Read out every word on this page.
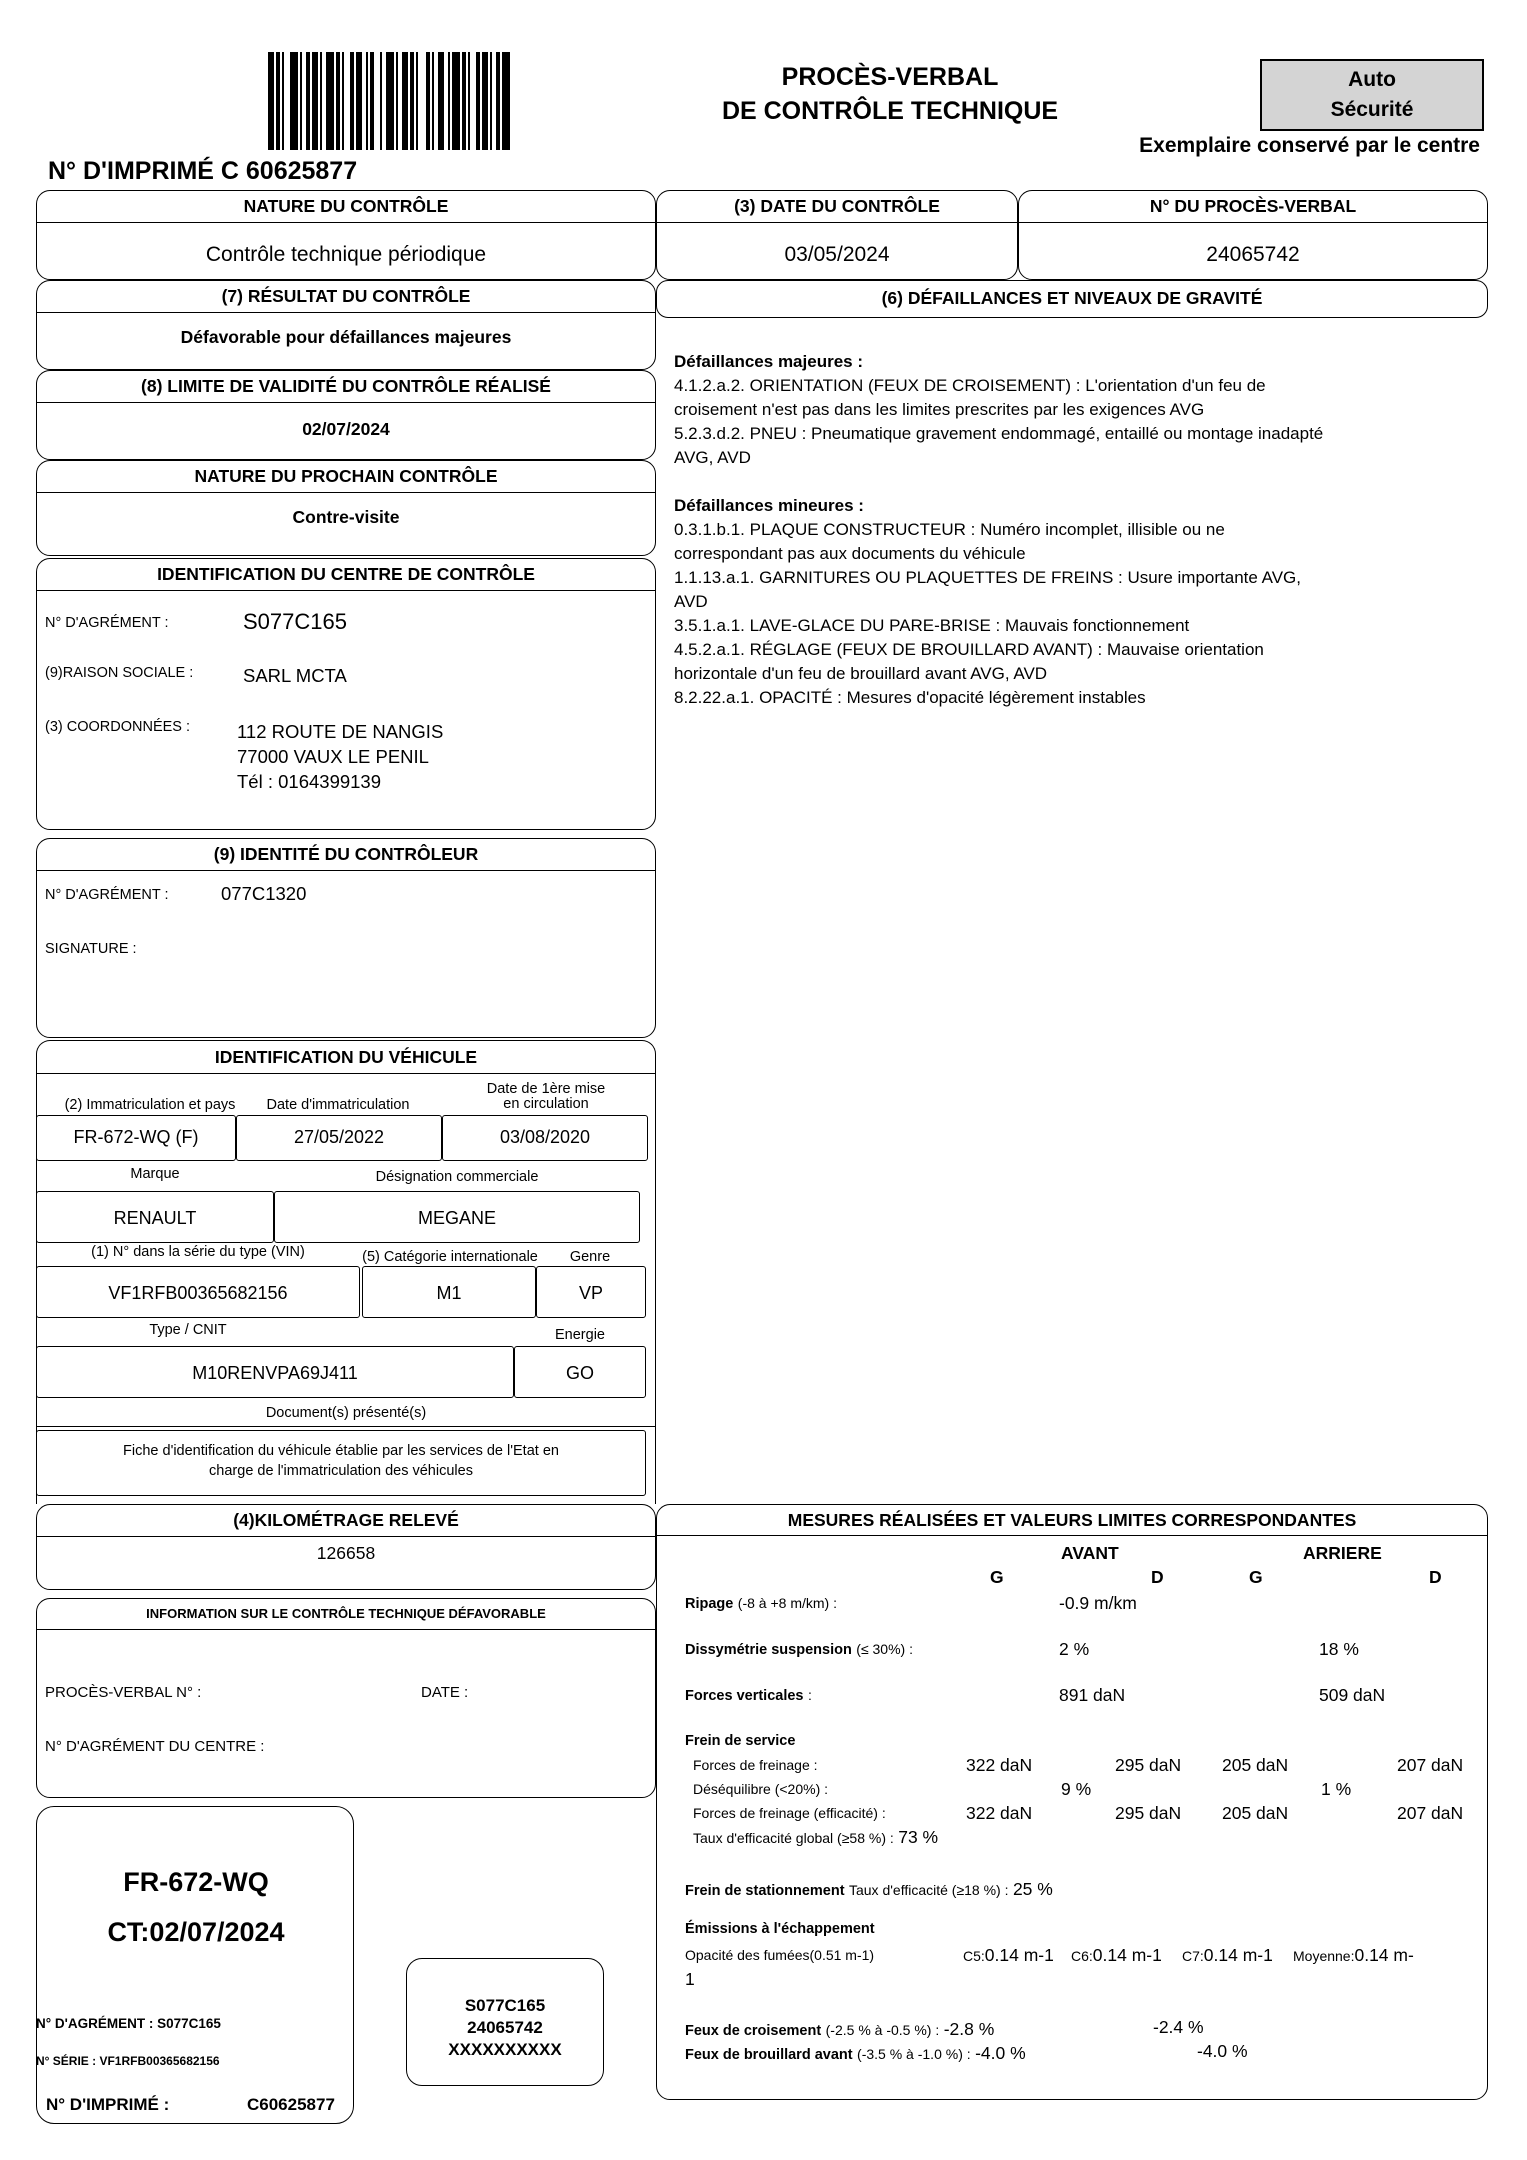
N° D'IMPRIMÉ C 60625877
PROCÈS-VERBAL
DE CONTRÔLE TECHNIQUE
Auto
Sécurité
Exemplaire conservé par le centre
NATURE DU CONTRÔLE
Contrôle technique périodique
(3) DATE DU CONTRÔLE
03/05/2024
N° DU PROCÈS-VERBAL
24065742
(7) RÉSULTAT DU CONTRÔLE
Défavorable pour défaillances majeures
(8) LIMITE DE VALIDITÉ DU CONTRÔLE RÉALISÉ
02/07/2024
NATURE DU PROCHAIN CONTRÔLE
Contre-visite
IDENTIFICATION DU CENTRE DE CONTRÔLE
N° D'AGRÉMENT :	S077C165
(9)RAISON SOCIALE :	SARL MCTA
(3) COORDONNÉES :	112 ROUTE DE NANGIS
77000 VAUX LE PENIL
Tél : 0164399139
(9) IDENTITÉ DU CONTRÔLEUR
N° D'AGRÉMENT :	077C1320
SIGNATURE :
IDENTIFICATION DU VÉHICULE
(2) Immatriculation et pays	Date d'immatriculation
Date de 1ère mise
en circulation
FR-672-WQ (F)	27/05/2022	03/08/2020
Marque	Désignation commerciale
RENAULT	MEGANE
(1) N° dans la série du type (VIN)	(5) Catégorie internationale	Genre
VF1RFB00365682156	M1	VP
Type / CNIT	Energie
M10RENVPA69J411	GO
Document(s) présenté(s)
Fiche d'identification du véhicule établie par les services de l'Etat en
charge de l'immatriculation des véhicules
(4)KILOMÉTRAGE RELEVÉ
126658
INFORMATION SUR LE CONTRÔLE TECHNIQUE DÉFAVORABLE
PROCÈS-VERBAL N° :	DATE :
N° D'AGRÉMENT DU CENTRE :
FR-672-WQ
CT:02/07/2024
N° D'AGRÉMENT : S077C165
N° SÉRIE : VF1RFB00365682156
N° D'IMPRIMÉ :	C60625877
S077C165
24065742
XXXXXXXXXX
(6) DÉFAILLANCES ET NIVEAUX DE GRAVITÉ
Défaillances majeures :
4.1.2.a.2. ORIENTATION (FEUX DE CROISEMENT) : L'orientation d'un feu de
croisement n'est pas dans les limites prescrites par les exigences AVG
5.2.3.d.2. PNEU : Pneumatique gravement endommagé, entaillé ou montage inadapté
AVG, AVD
Défaillances mineures :
0.3.1.b.1. PLAQUE CONSTRUCTEUR : Numéro incomplet, illisible ou ne
correspondant pas aux documents du véhicule
1.1.13.a.1. GARNITURES OU PLAQUETTES DE FREINS : Usure importante AVG,
AVD
3.5.1.a.1. LAVE-GLACE DU PARE-BRISE : Mauvais fonctionnement
4.5.2.a.1. RÉGLAGE (FEUX DE BROUILLARD AVANT) : Mauvaise orientation
horizontale d'un feu de brouillard avant AVG, AVD
8.2.22.a.1. OPACITÉ : Mesures d'opacité légèrement instables
MESURES RÉALISÉES ET VALEURS LIMITES CORRESPONDANTES
AVANT	ARRIERE
G	D	G	D
Ripage (-8 à +8 m/km) :	-0.9 m/km
Dissymétrie suspension (≤ 30%) :	2 %	18 %
Forces verticales :	891 daN	509 daN
Frein de service
Forces de freinage :	322 daN	295 daN 205 daN	207 daN
Déséquilibre (<20%) :	9 %	1 %
Forces de freinage (efficacité) :	322 daN	295 daN 205 daN	207 daN
Taux d'efficacité global (≥58 %) : 73 %
Frein de stationnement Taux d'efficacité (≥18 %) : 25 %
Émissions à l'échappement
Opacité des fumées(0.51 m-1)	C5:0.14 m-1 C6:0.14 m-1 C7:0.14 m-1 Moyenne:0.14 m-
1
Feux de croisement (-2.5 % à -0.5 %) : -2.8 %	-2.4 %
Feux de brouillard avant (-3.5 % à -1.0 %) : -4.0 %	-4.0 %
